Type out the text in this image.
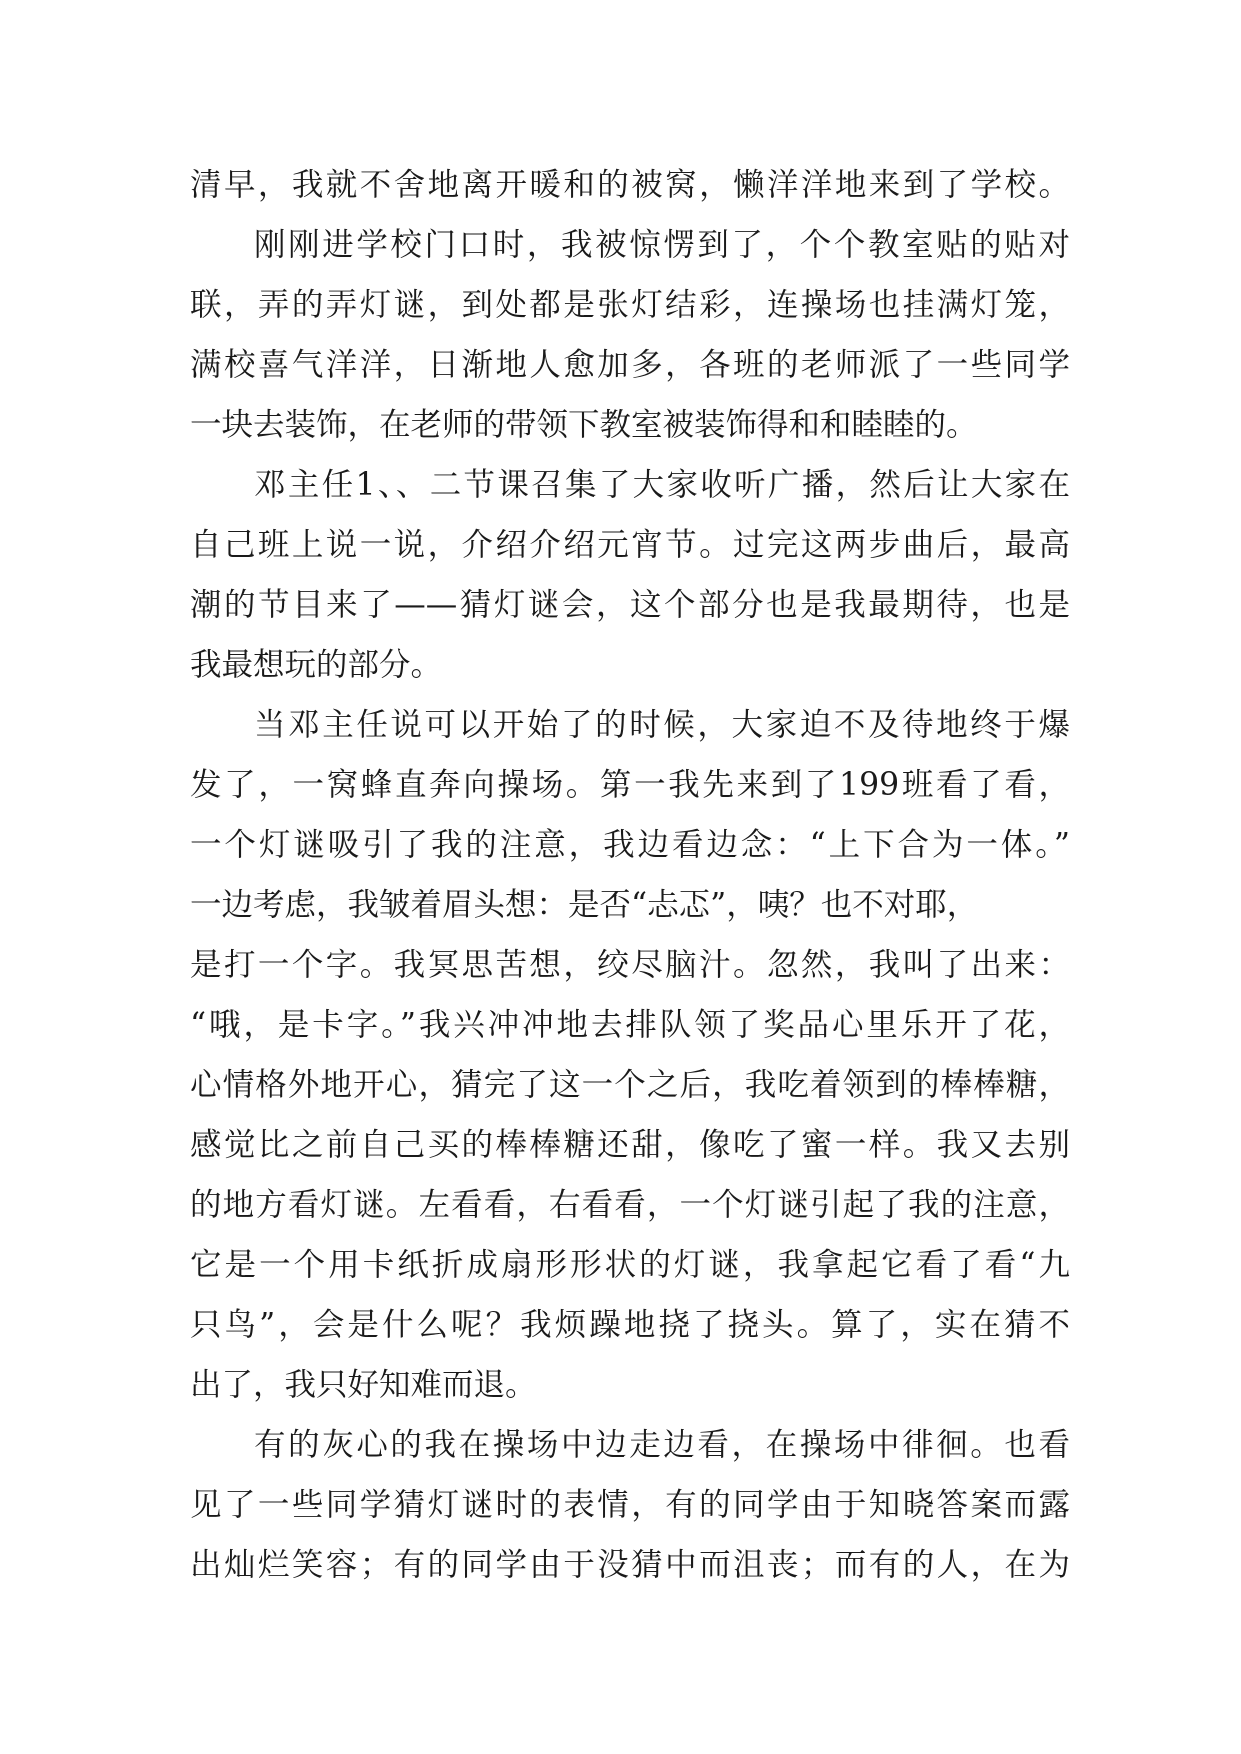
清早，我就不舍地离开暖和的被窝，懒洋洋地来到了学校。
刚刚进学校门口时，我被惊愣到了，个个教室贴的贴对
联，弄的弄灯谜，到处都是张灯结彩，连操场也挂满灯笼，
满校喜气洋洋，日渐地人愈加多，各班的老师派了一些同学
一块去装饰，在老师的带领下教室被装饰得和和睦睦的。
邓主任1、、二节课召集了大家收听广播，然后让大家在
自己班上说一说，介绍介绍元宵节。过完这两步曲后，最高
潮的节目来了——猜灯谜会，这个部分也是我最期待，也是
我最想玩的部分。
当邓主任说可以开始了的时候，大家迫不及待地终于爆
发了，一窝蜂直奔向操场。第一我先来到了199班看了看，
一个灯谜吸引了我的注意，我边看边念：“上下合为一体。”
一边考虑，我皱着眉头想：是否“忐忑”，咦？也不对耶，
是打一个字。我冥思苦想，绞尽脑汁。忽然，我叫了出来：
“哦，是卡字。”我兴冲冲地去排队领了奖品心里乐开了花，
心情格外地开心，猜完了这一个之后，我吃着领到的棒棒糖，
感觉比之前自己买的棒棒糖还甜，像吃了蜜一样。我又去别
的地方看灯谜。左看看，右看看，一个灯谜引起了我的注意，
它是一个用卡纸折成扇形形状的灯谜，我拿起它看了看“九
只鸟”，会是什么呢？我烦躁地挠了挠头。算了，实在猜不
出了，我只好知难而退。
有的灰心的我在操场中边走边看，在操场中徘徊。也看
见了一些同学猜灯谜时的表情，有的同学由于知晓答案而露
出灿烂笑容；有的同学由于没猜中而沮丧；而有的人，在为
